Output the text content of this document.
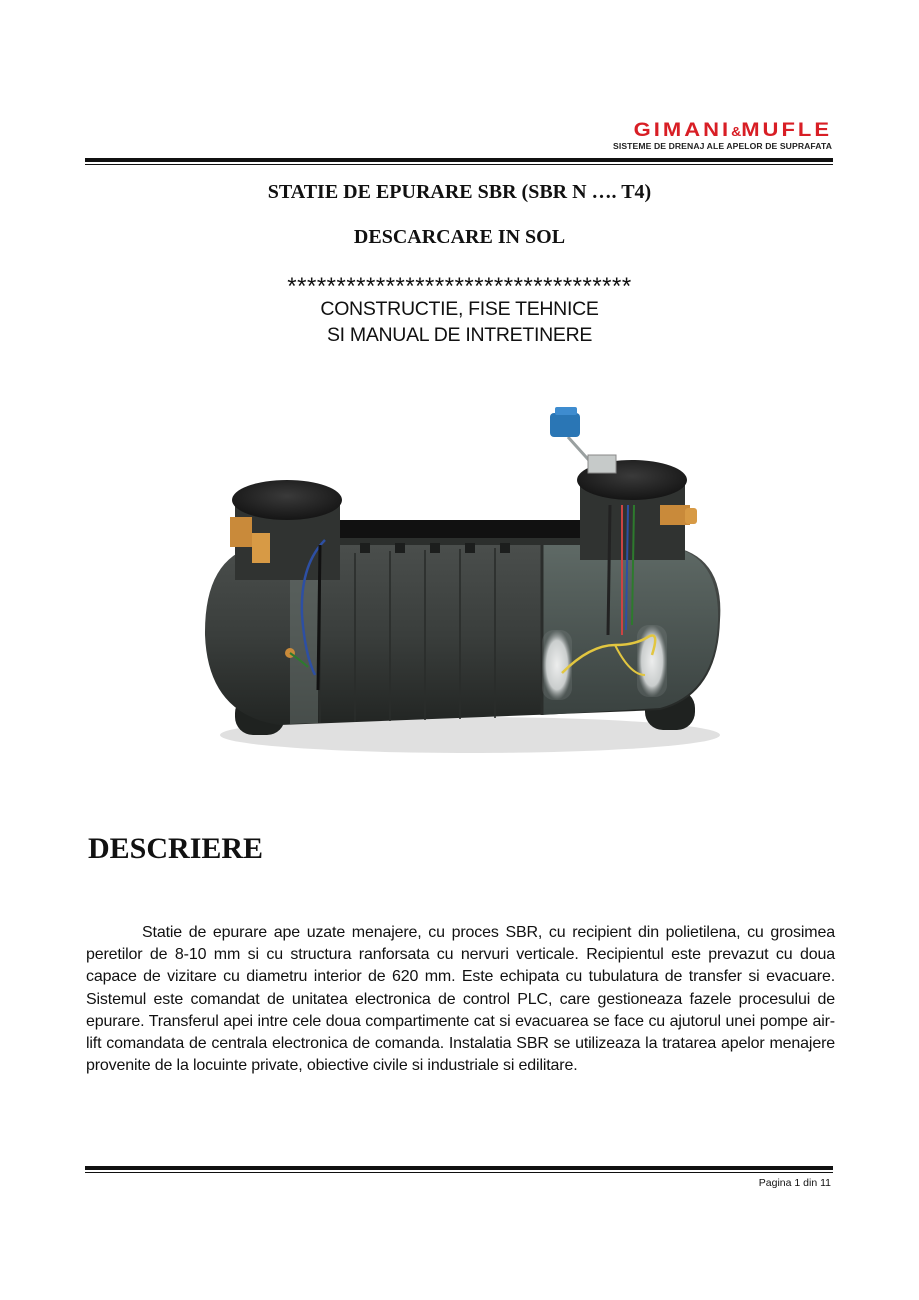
GIMANI&MUFLE
SISTEME DE DRENAJ ALE APELOR DE SUPRAFATA
STATIE DE EPURARE SBR (SBR N …. T4)
DESCARCARE IN SOL
***********************************
CONSTRUCTIE, FISE TEHNICE
SI MANUAL DE INTRETINERE
DESCRIERE
Statie de epurare ape uzate menajere, cu proces SBR, cu recipient din polietilena, cu grosimea peretilor de 8-10 mm si cu structura ranforsata cu nervuri verticale. Recipientul este prevazut cu doua capace de vizitare cu diametru interior de 620 mm. Este echipata cu tubulatura de transfer si evacuare. Sistemul este comandat de unitatea electronica de control PLC, care gestioneaza fazele procesului de epurare. Transferul apei intre cele doua compartimente cat si evacuarea se face cu ajutorul unei pompe air-lift comandata de centrala electronica de comanda. Instalatia SBR se utilizeaza la tratarea apelor menajere provenite de la locuinte private, obiective civile si industriale si edilitare.
Pagina 1 din 11
